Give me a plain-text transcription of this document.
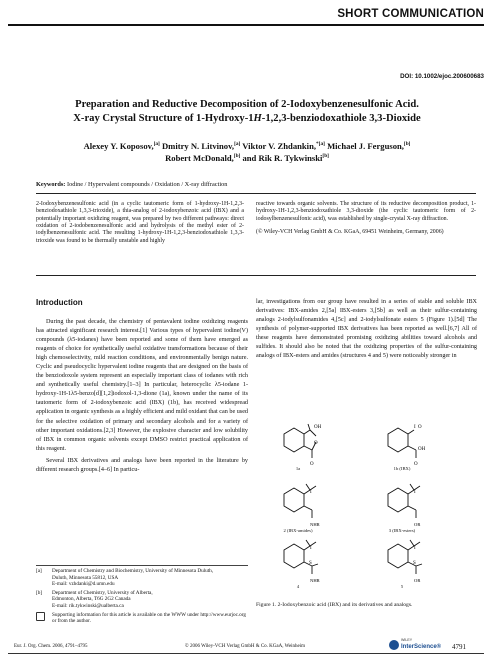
SHORT COMMUNICATION
DOI: 10.1002/ejoc.200600683
Preparation and Reductive Decomposition of 2-Iodoxybenzenesulfonic Acid.
X-ray Crystal Structure of 1-Hydroxy-1H-1,2,3-benziodoxathiole 3,3-Dioxide
Alexey Y. Koposov,[a] Dmitry N. Litvinov,[a] Viktor V. Zhdankin,$^{*[a]}$ Michael J. Ferguson,[b]
Robert McDonald,[b] and Rik R. Tykwinski[b]
Keywords: Iodine / Hypervalent compounds / Oxidation / X-ray diffraction
2-Iodoxybenzenesulfonic acid (in a cyclic tautomeric form of 1-hydroxy-1H-1,2,3-benziodoxathiole 1,3,3-trioxide), a thia-analog of 2-iodoxybenzoic acid (IBX) and a potentially important oxidizing reagent, was prepared by two different pathways: direct oxidation of 2-iodobenzenesulfonic acid and hydrolysis of the methyl ester of 2-iodylbenzenesulfonic acid. The resulting 1-hydroxy-1H-1,2,3-benziodoxathiole 1,3,3-trioxide was found to be thermally unstable and highly
reactive towards organic solvents. The structure of its reductive decomposition product, 1-hydroxy-1H-1,2,3-benziodoxathiole 3,3-dioxide (the cyclic tautomeric form of 2-iodosylbenzenesulfonic acid), was established by single-crystal X-ray diffraction.
(© Wiley-VCH Verlag GmbH & Co. KGaA, 69451 Weinheim, Germany, 2006)
Introduction

During the past decade, the chemistry of pentavalent iodine oxidizing reagents has attracted significant research interest.[1] Various types of hypervalent iodine(V) compounds (λ5-iodanes) have been reported and some of them have emerged as reagents of choice for synthetically useful oxidative transformations because of their high chemoselectivity, mild reaction conditions, and environmentally benign nature. Cyclic and pseudocyclic hypervalent iodine reagents that are designed on the basis of the benziodoxole system represent an especially important class of iodanes with rich and synthetically useful chemistry.[1–3] In particular, heterocyclic λ5-iodane 1-hydroxy-1H-1λ5-benzo[d][1,2]iodoxol-1,3-dione (1a), known under the name of its tautomeric form of 2-iodoxybenzoic acid (IBX) (1b), has received widespread application in organic synthesis as a highly efficient and mild oxidant that can be used for the selective oxidation of primary and secondary alcohols and for a variety of other important oxidations.[2,3] However, the explosive character and low solubility of IBX in common organic solvents except DMSO restrict practical application of this reagent.

Several IBX derivatives and analogs have been reported in the literature by different research groups.[4–6] In particu-

lar, investigations from our group have resulted in a series of stable and soluble IBX derivatives: IBX-amides 2,[5a] IBX-esters 3,[5b] as well as their sulfur-containing analogs 2-iodylsulfonamides 4,[5c] and 2-iodylsulfonate esters 5 (Figure 1).[5d] The synthesis of polymer-supported IBX derivatives has been reported as well.[6,7] All of these reagents have demonstrated promising oxidizing abilities toward alcohols and sulfides. It should also be noted that the oxidizing properties of the sulfur-containing analogs of IBX-esters and amides (structures 4 and 5) were noticeably stronger in

[a]	Department of Chemistry and Biochemistry, University of Minnesota Duluth,
Duluth, Minnesota 55812, USA
E-mail: vzhdanki@d.umn.edu
[b]	Department of Chemistry, University of Alberta,
Edmonton, Alberta, T6G 2G2 Canada
E-mail: rik.tykwinski@ualberta.ca
Supporting information for this article is available on the WWW under http://www.eurjoc.org or from the author.
OH
O
O
1a
I O
OH
O
1b (IBX)
I
NHR
2 (IBX-amides)
I
OR
3 (IBX-esters)
I
S
NHR
4
I
S
OR
5
Figure 1. 2-Iodoxybenzoic acid (IBX) and its derivatives and analogs.
Eur. J. Org. Chem. 2006, 4791–4795	© 2006 Wiley-VCH Verlag GmbH & Co. KGaA, Weinheim
WILEY
InterScience® 4791
